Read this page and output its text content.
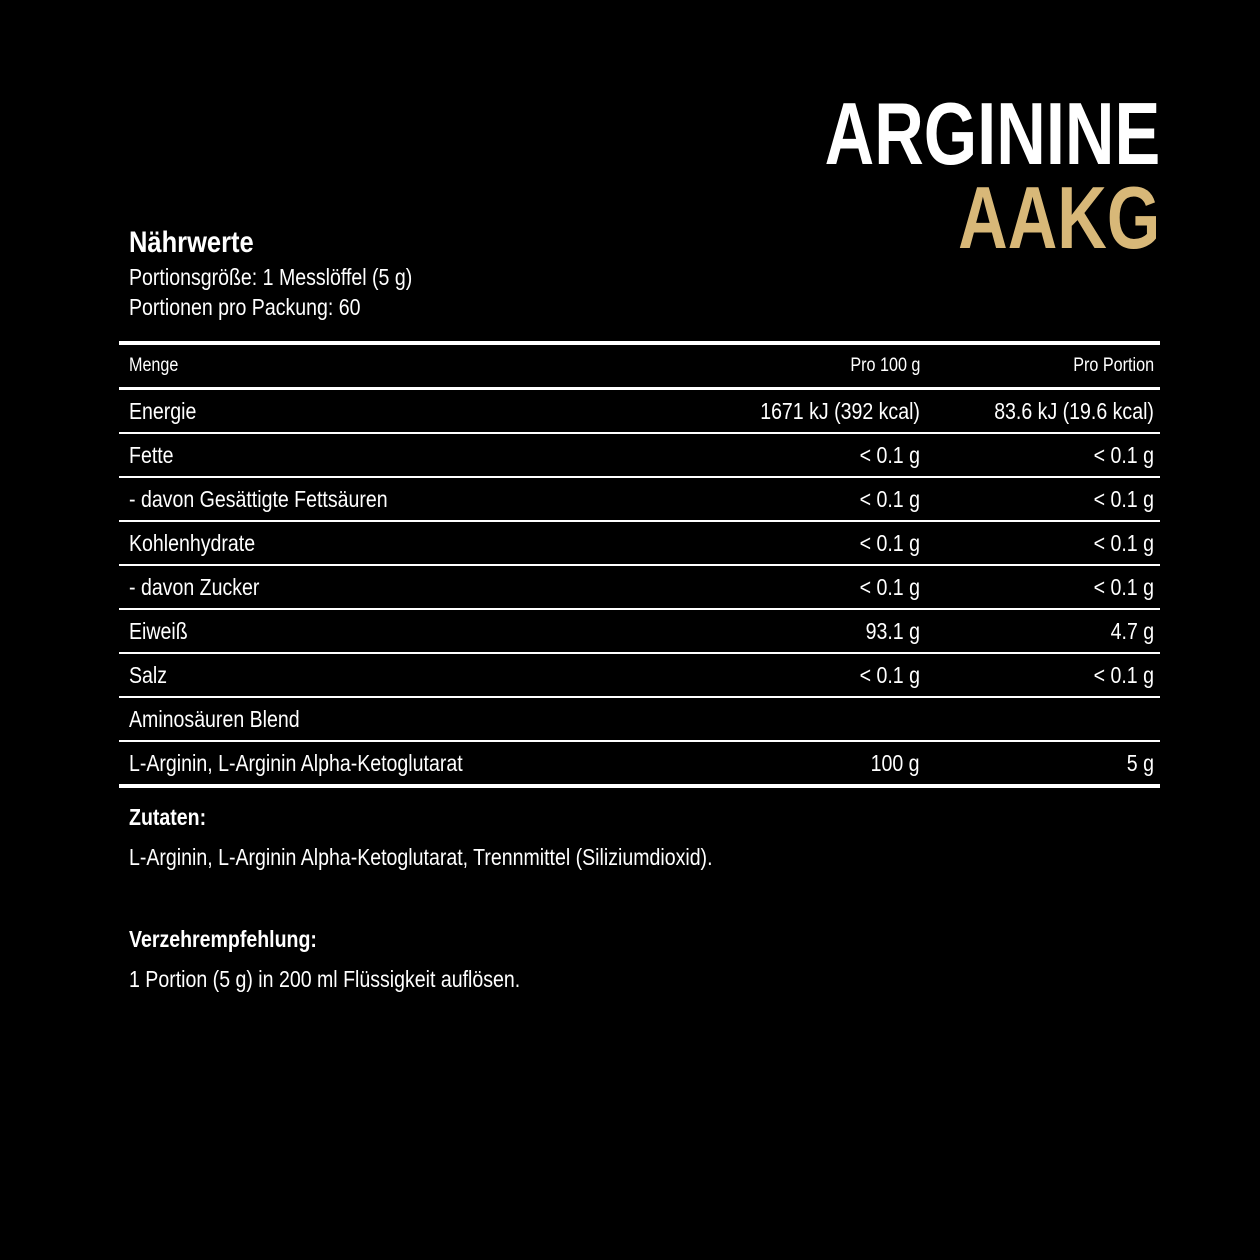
ARGININE
AAKG
Nährwerte
Portionsgröße: 1 Messlöffel (5 g)
Portionen pro Packung: 60
Menge	Pro 100 g	Pro Portion
Energie	1671 kJ (392 kcal)	83.6 kJ (19.6 kcal)
Fette	< 0.1 g	< 0.1 g
- davon Gesättigte Fettsäuren	< 0.1 g	< 0.1 g
Kohlenhydrate	< 0.1 g	< 0.1 g
- davon Zucker	< 0.1 g	< 0.1 g
Eiweiß	93.1 g	4.7 g
Salz	< 0.1 g	< 0.1 g
Aminosäuren Blend
L-Arginin, L-Arginin Alpha-Ketoglutarat	100 g	5 g
Zutaten:
L-Arginin, L-Arginin Alpha-Ketoglutarat, Trennmittel (Siliziumdioxid).
Verzehrempfehlung:
1 Portion (5 g) in 200 ml Flüssigkeit auflösen.
